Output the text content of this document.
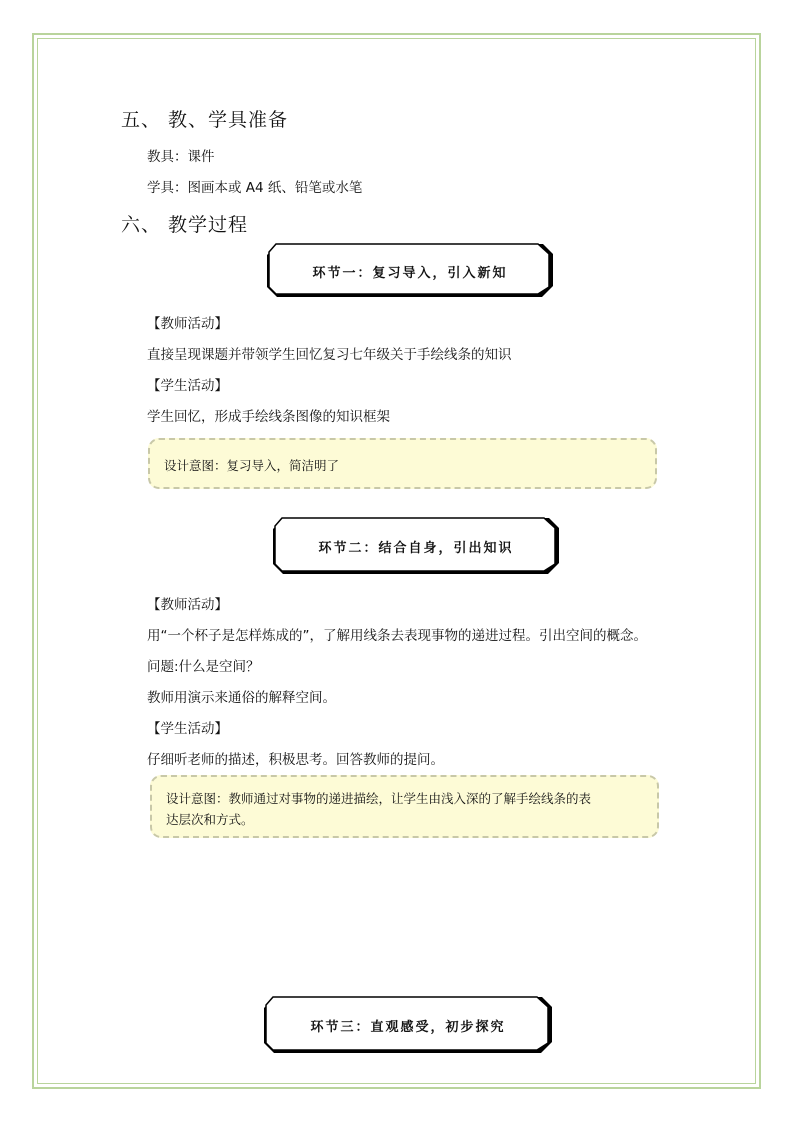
五、 教、学具准备
教具：课件
学具：图画本或 A4 纸、铅笔或水笔
六、 教学过程
环节一：复习导入，引入新知
【教师活动】
直接呈现课题并带领学生回忆复习七年级关于手绘线条的知识
【学生活动】
学生回忆，形成手绘线条图像的知识框架
设计意图：复习导入，简洁明了
环节二：结合自身，引出知识
【教师活动】
用“一个杯子是怎样炼成的”，了解用线条去表现事物的递进过程。引出空间的概念。
问题:什么是空间？
教师用演示来通俗的解释空间。
【学生活动】
仔细听老师的描述，积极思考。回答教师的提问。
设计意图：教师通过对事物的递进描绘，让学生由浅入深的了解手绘线条的表
达层次和方式。
环节三：直观感受，初步探究
